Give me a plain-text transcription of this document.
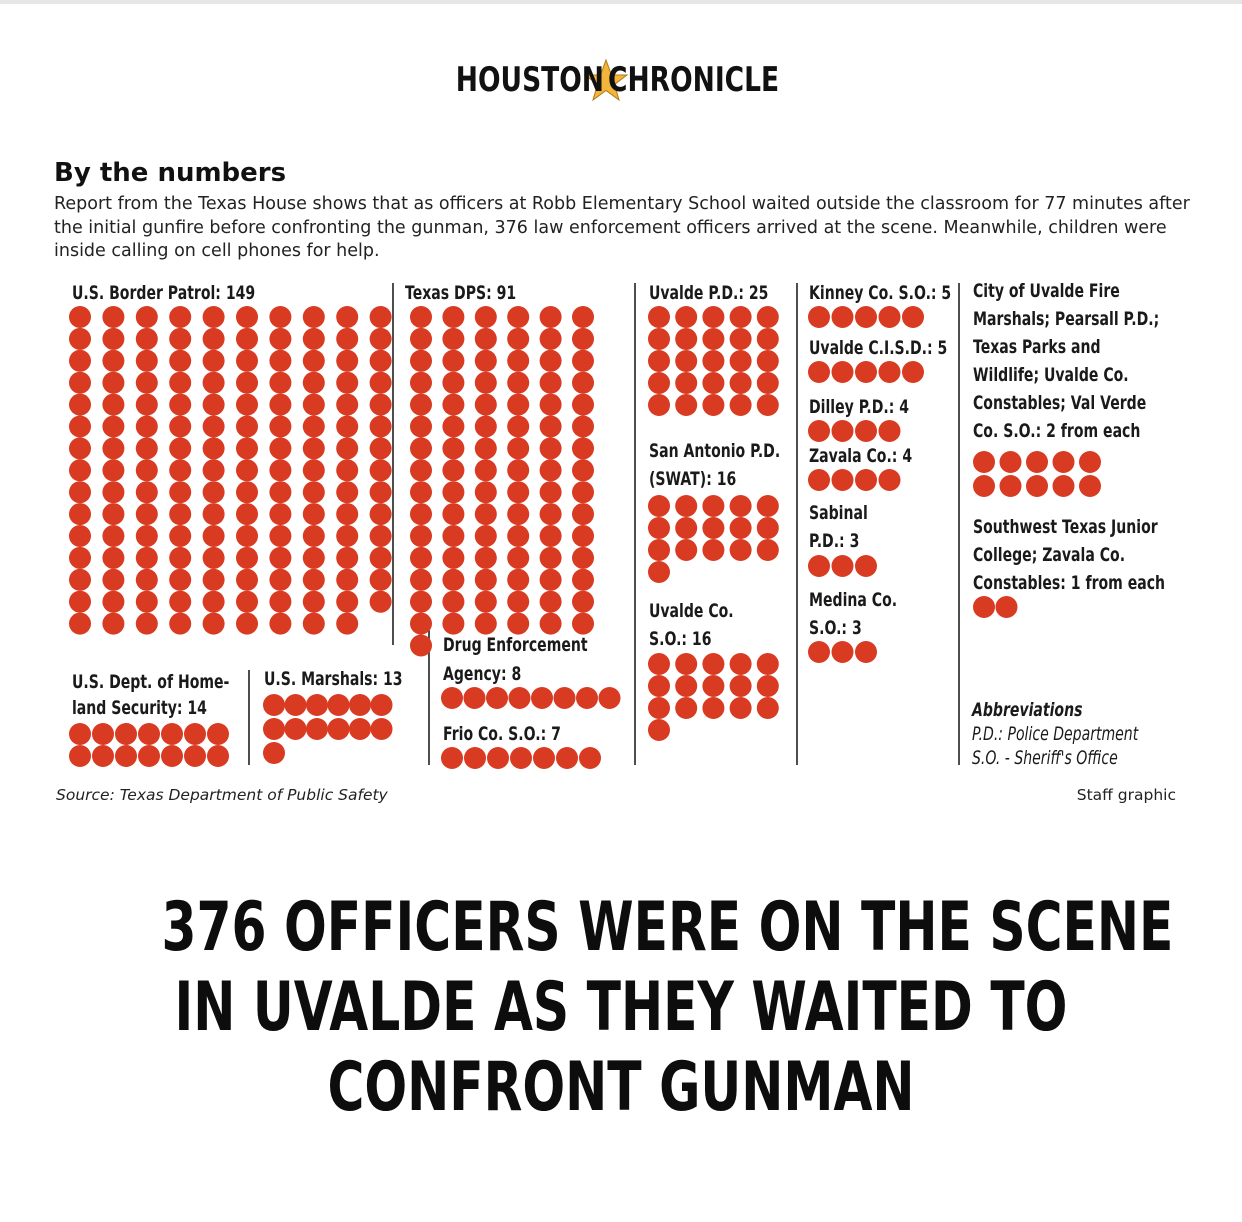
HOUSTON CHRONICLE
By the numbers
Report from the Texas House shows that as officers at Robb Elementary School waited outside the classroom for 77 minutes after the initial gunfire before confronting the gunman, 376 law enforcement officers arrived at the scene. Meanwhile, children were inside calling on cell phones for help.
U.S. Border Patrol: 149
U.S. Dept. of Home-land Security: 14
U.S. Marshals: 13
Texas DPS: 91
Drug Enforcement Agency: 8
Frio Co. S.O.: 7
Uvalde P.D.: 25
San Antonio P.D. (SWAT): 16
Uvalde Co. S.O.: 16
Kinney Co. S.O.: 5
Uvalde C.I.S.D.: 5
Dilley P.D.: 4
Zavala Co.: 4
Sabinal P.D.: 3
Medina Co. S.O.: 3
City of Uvalde Fire Marshals; Pearsall P.D.; Texas Parks and Wildlife; Uvalde Co. Constables; Val Verde Co. S.O.: 2 from each
Southwest Texas Junior College; Zavala Co. Constables: 1 from each
Abbreviations
P.D.: Police Department
S.O. - Sheriff's Office
Source: Texas Department of Public Safety	Staff graphic
376 OFFICERS WERE ON THE SCENE
IN UVALDE AS THEY WAITED TO
CONFRONT GUNMAN
